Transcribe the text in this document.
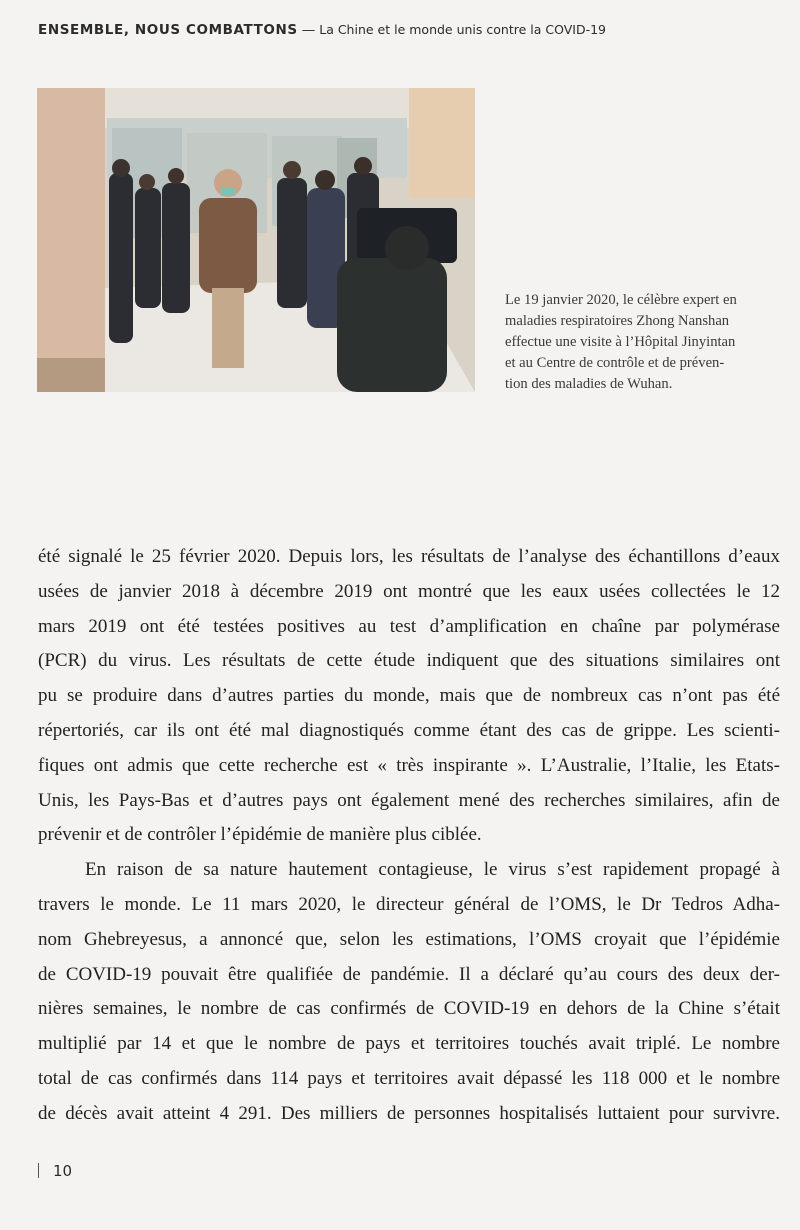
ENSEMBLE, NOUS COMBATTONS — La Chine et le monde unis contre la COVID-19
Le 19 janvier 2020, le célèbre expert en
maladies respiratoires Zhong Nanshan
effectue une visite à l’Hôpital Jinyintan
et au Centre de contrôle et de préven-
tion des maladies de Wuhan.
été signalé le 25 février 2020. Depuis lors, les résultats de l’analyse des échantillons d’eaux
usées de janvier 2018 à décembre 2019 ont montré que les eaux usées collectées le 12
mars 2019 ont été testées positives au test d’amplification en chaîne par polymérase
(PCR) du virus. Les résultats de cette étude indiquent que des situations similaires ont
pu se produire dans d’autres parties du monde, mais que de nombreux cas n’ont pas été
répertoriés, car ils ont été mal diagnostiqués comme étant des cas de grippe. Les scienti-
fiques ont admis que cette recherche est « très inspirante ». L’Australie, l’Italie, les Etats-
Unis, les Pays-Bas et d’autres pays ont également mené des recherches similaires, afin de
prévenir et de contrôler l’épidémie de manière plus ciblée.
En raison de sa nature hautement contagieuse, le virus s’est rapidement propagé à
travers le monde. Le 11 mars 2020, le directeur général de l’OMS, le Dr Tedros Adha-
nom Ghebreyesus, a annoncé que, selon les estimations, l’OMS croyait que l’épidémie
de COVID-19 pouvait être qualifiée de pandémie. Il a déclaré qu’au cours des deux der-
nières semaines, le nombre de cas confirmés de COVID-19 en dehors de la Chine s’était
multiplié par 14 et que le nombre de pays et territoires touchés avait triplé. Le nombre
total de cas confirmés dans 114 pays et territoires avait dépassé les 118 000 et le nombre
de décès avait atteint 4 291. Des milliers de personnes hospitalisés luttaient pour survivre.
10
